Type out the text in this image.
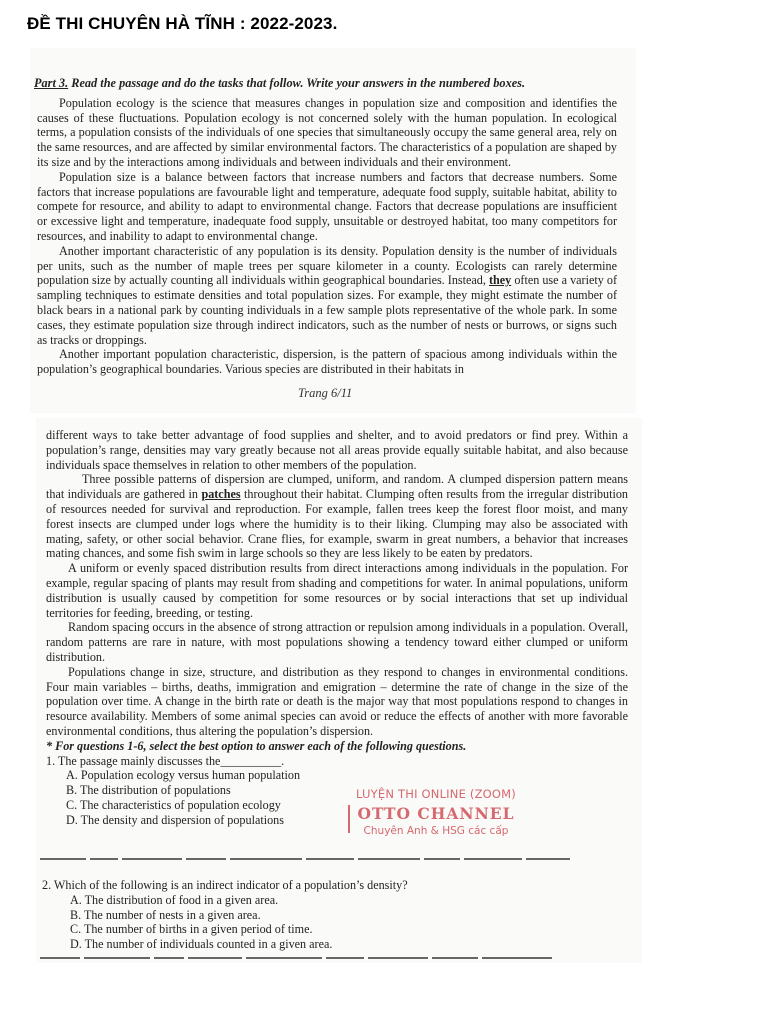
ĐỀ THI CHUYÊN HÀ TĨNH : 2022-2023.
Part 3. Read the passage and do the tasks that follow. Write your answers in the numbered boxes.
Population ecology is the science that measures changes in population size and composition and identifies the causes of these fluctuations. Population ecology is not concerned solely with the human population. In ecological terms, a population consists of the individuals of one species that simultaneously occupy the same general area, rely on the same resources, and are affected by similar environmental factors. The characteristics of a population are shaped by its size and by the interactions among individuals and between individuals and their environment.
Population size is a balance between factors that increase numbers and factors that decrease numbers. Some factors that increase populations are favourable light and temperature, adequate food supply, suitable habitat, ability to compete for resource, and ability to adapt to environmental change. Factors that decrease populations are insufficient or excessive light and temperature, inadequate food supply, unsuitable or destroyed habitat, too many competitors for resources, and inability to adapt to environmental change.
Another important characteristic of any population is its density. Population density is the number of individuals per units, such as the number of maple trees per square kilometer in a county. Ecologists can rarely determine population size by actually counting all individuals within geographical boundaries. Instead, they often use a variety of sampling techniques to estimate densities and total population sizes. For example, they might estimate the number of black bears in a national park by counting individuals in a few sample plots representative of the whole park. In some cases, they estimate population size through indirect indicators, such as the number of nests or burrows, or signs such as tracks or droppings.
Another important population characteristic, dispersion, is the pattern of spacious among individuals within the population’s geographical boundaries. Various species are distributed in their habitats in
Trang 6/11
different ways to take better advantage of food supplies and shelter, and to avoid predators or find prey. Within a population’s range, densities may vary greatly because not all areas provide equally suitable habitat, and also because individuals space themselves in relation to other members of the population.
Three possible patterns of dispersion are clumped, uniform, and random. A clumped dispersion pattern means that individuals are gathered in patches throughout their habitat. Clumping often results from the irregular distribution of resources needed for survival and reproduction. For example, fallen trees keep the forest floor moist, and many forest insects are clumped under logs where the humidity is to their liking. Clumping may also be associated with mating, safety, or other social behavior. Crane flies, for example, swarm in great numbers, a behavior that increases mating chances, and some fish swim in large schools so they are less likely to be eaten by predators.
A uniform or evenly spaced distribution results from direct interactions among individuals in the population. For example, regular spacing of plants may result from shading and competitions for water. In animal populations, uniform distribution is usually caused by competition for some resources or by social interactions that set up individual territories for feeding, breeding, or testing.
Random spacing occurs in the absence of strong attraction or repulsion among individuals in a population. Overall, random patterns are rare in nature, with most populations showing a tendency toward either clumped or uniform distribution.
Populations change in size, structure, and distribution as they respond to changes in environmental conditions. Four main variables – births, deaths, immigration and emigration – determine the rate of change in the size of the population over time. A change in the birth rate or death is the major way that most populations respond to changes in resource availability. Members of some animal species can avoid or reduce the effects of another with more favorable environmental conditions, thus altering the population’s dispersion.
* For questions 1-6, select the best option to answer each of the following questions.
1. The passage mainly discusses the__________.
A. Population ecology versus human population
B. The distribution of populations
C. The characteristics of population ecology
D. The density and dispersion of populations
LUYỆN THI ONLINE (ZOOM)
OTTO CHANNEL
Chuyên Anh & HSG các cấp
2. Which of the following is an indirect indicator of a population’s density?
A. The distribution of food in a given area.
B. The number of nests in a given area.
C. The number of births in a given period of time.
D. The number of individuals counted in a given area.
